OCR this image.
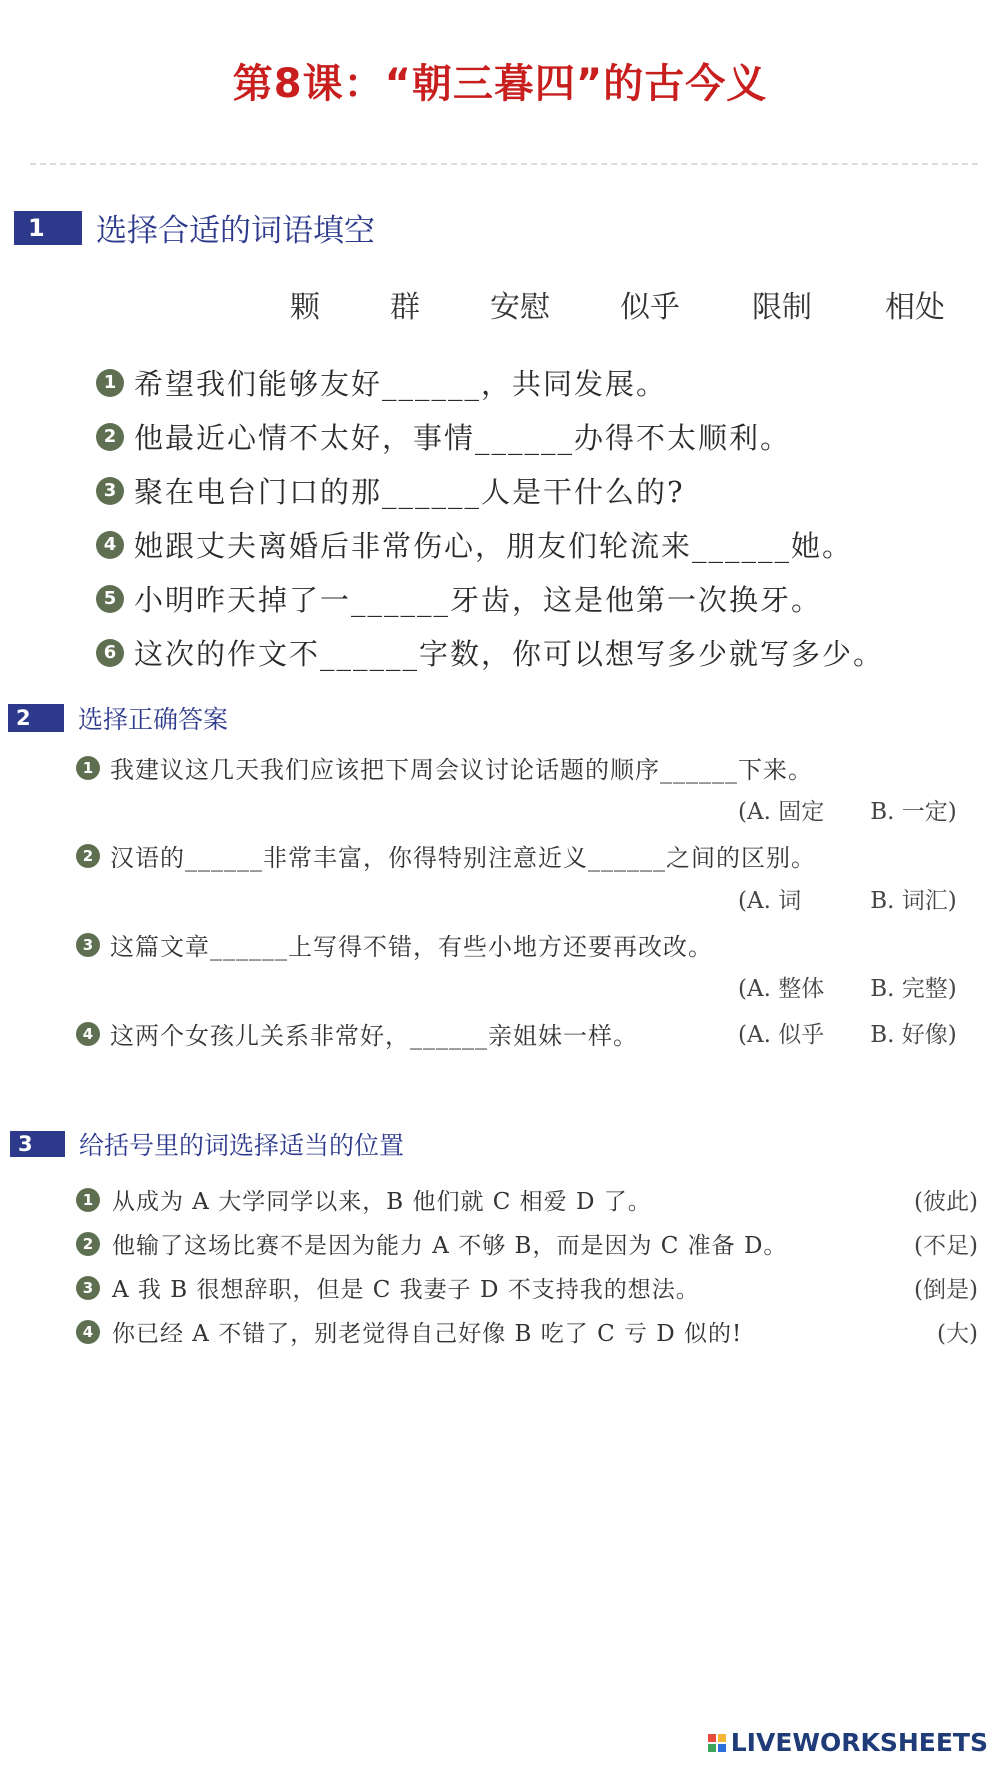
第8课：“朝三暮四”的古今义
1	选择合适的词语填空
颗 群 安慰 似乎 限制 相处
1 希望我们能够友好______，共同发展。
2 他最近心情不太好，事情______办得不太顺利。
3 聚在电台门口的那______人是干什么的?
4 她跟丈夫离婚后非常伤心，朋友们轮流来______她。
5 小明昨天掉了一______牙齿，这是他第一次换牙。
6 这次的作文不______字数，你可以想写多少就写多少。
2	选择正确答案
1 我建议这几天我们应该把下周会议讨论话题的顺序______下来。
(A. 固定　　B. 一定)
2 汉语的______非常丰富，你得特别注意近义______之间的区别。
(A. 词　　　B. 词汇)
3 这篇文章______上写得不错，有些小地方还要再改改。
(A. 整体　　B. 完整)
4 这两个女孩儿关系非常好，______亲姐妹一样。	(A. 似乎　　B. 好像)
3	给括号里的词选择适当的位置
1 从成为 A 大学同学以来，B 他们就 C 相爱 D 了。	(彼此)
2 他输了这场比赛不是因为能力 A 不够 B，而是因为 C 准备 D。	(不足)
3 A 我 B 很想辞职，但是 C 我妻子 D 不支持我的想法。	(倒是)
4 你已经 A 不错了，别老觉得自己好像 B 吃了 C 亏 D 似的!	(大)
LIVEWORKSHEETS
